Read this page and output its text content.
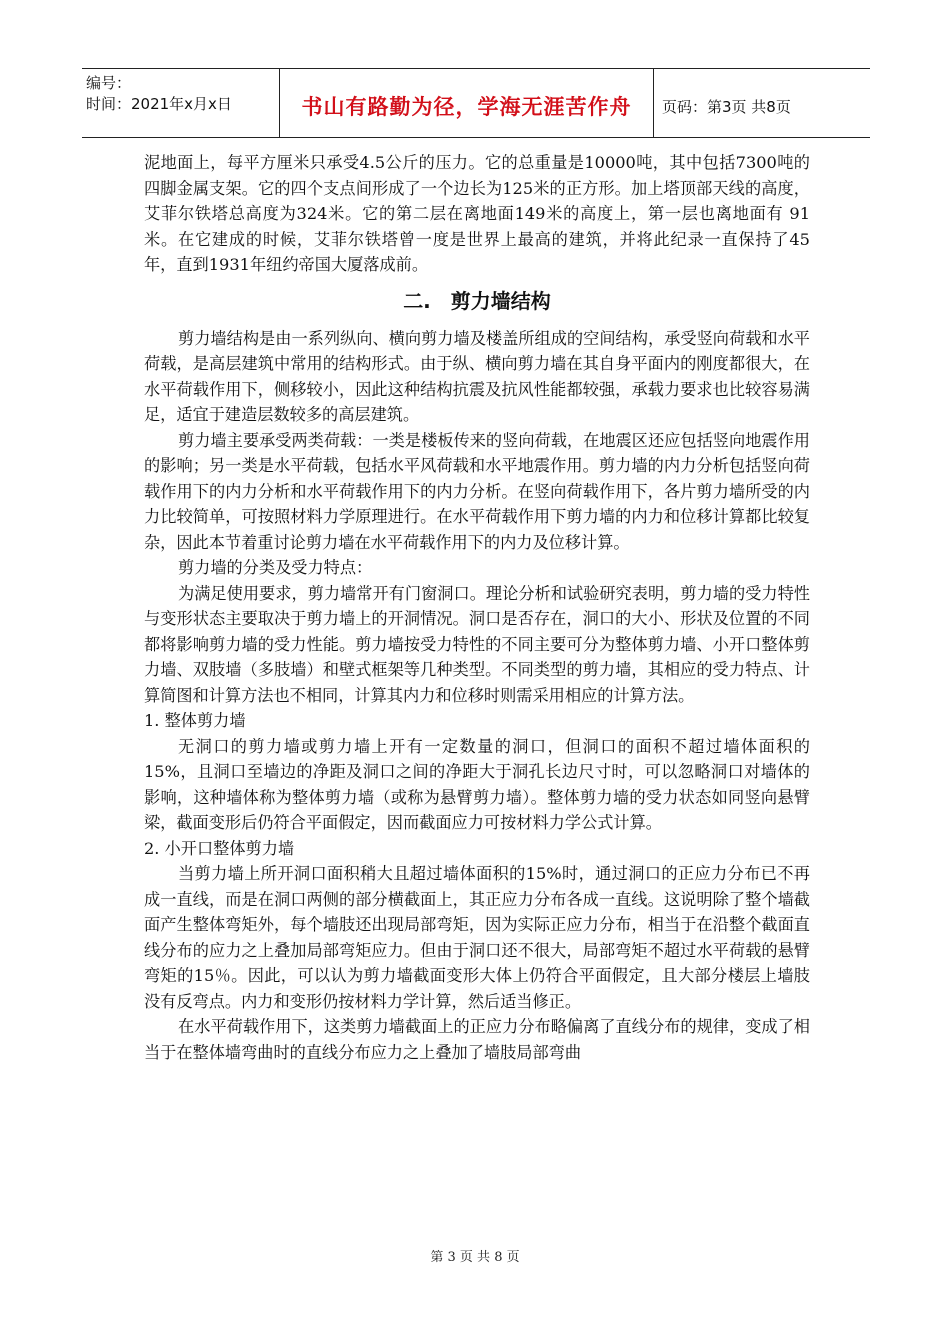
编号：
时间：2021年x月x日	书山有路勤为径，学海无涯苦作舟	页码：第3页 共8页

泥地面上，每平方厘米只承受4.5公斤的压力。它的总重量是10000吨，其中包括7300吨的四脚金属支架。它的四个支点间形成了一个边长为125米的正方形。加上塔顶部天线的高度，艾菲尔铁塔总高度为324米。它的第二层在离地面149米的高度上，第一层也离地面有 91米。在它建成的时候，艾菲尔铁塔曾一度是世界上最高的建筑，并将此纪录一直保持了45年，直到1931年纽约帝国大厦落成前。

二.　剪力墙结构

剪力墙结构是由一系列纵向、横向剪力墙及楼盖所组成的空间结构，承受竖向荷载和水平荷载，是高层建筑中常用的结构形式。由于纵、横向剪力墙在其自身平面内的刚度都很大，在水平荷载作用下，侧移较小，因此这种结构抗震及抗风性能都较强，承载力要求也比较容易满足，适宜于建造层数较多的高层建筑。

剪力墙主要承受两类荷载：一类是楼板传来的竖向荷载，在地震区还应包括竖向地震作用的影响；另一类是水平荷载，包括水平风荷载和水平地震作用。剪力墙的内力分析包括竖向荷载作用下的内力分析和水平荷载作用下的内力分析。在竖向荷载作用下，各片剪力墙所受的内力比较简单，可按照材料力学原理进行。在水平荷载作用下剪力墙的内力和位移计算都比较复杂，因此本节着重讨论剪力墙在水平荷载作用下的内力及位移计算。

剪力墙的分类及受力特点：

为满足使用要求，剪力墙常开有门窗洞口。理论分析和试验研究表明，剪力墙的受力特性与变形状态主要取决于剪力墙上的开洞情况。洞口是否存在，洞口的大小、形状及位置的不同都将影响剪力墙的受力性能。剪力墙按受力特性的不同主要可分为整体剪力墙、小开口整体剪力墙、双肢墙（多肢墙）和壁式框架等几种类型。不同类型的剪力墙，其相应的受力特点、计算简图和计算方法也不相同，计算其内力和位移时则需采用相应的计算方法。

1. 整体剪力墙

无洞口的剪力墙或剪力墙上开有一定数量的洞口，但洞口的面积不超过墙体面积的15%，且洞口至墙边的净距及洞口之间的净距大于洞孔长边尺寸时，可以忽略洞口对墙体的影响，这种墙体称为整体剪力墙（或称为悬臂剪力墙）。整体剪力墙的受力状态如同竖向悬臂梁，截面变形后仍符合平面假定，因而截面应力可按材料力学公式计算。

2. 小开口整体剪力墙

当剪力墙上所开洞口面积稍大且超过墙体面积的15%时，通过洞口的正应力分布已不再成一直线，而是在洞口两侧的部分横截面上，其正应力分布各成一直线。这说明除了整个墙截面产生整体弯矩外，每个墙肢还出现局部弯矩，因为实际正应力分布，相当于在沿整个截面直线分布的应力之上叠加局部弯矩应力。但由于洞口还不很大，局部弯矩不超过水平荷载的悬臂弯矩的15％。因此，可以认为剪力墙截面变形大体上仍符合平面假定，且大部分楼层上墙肢没有反弯点。内力和变形仍按材料力学计算，然后适当修正。

在水平荷载作用下，这类剪力墙截面上的正应力分布略偏离了直线分布的规律，变成了相当于在整体墙弯曲时的直线分布应力之上叠加了墙肢局部弯曲

第 3 页 共 8 页
